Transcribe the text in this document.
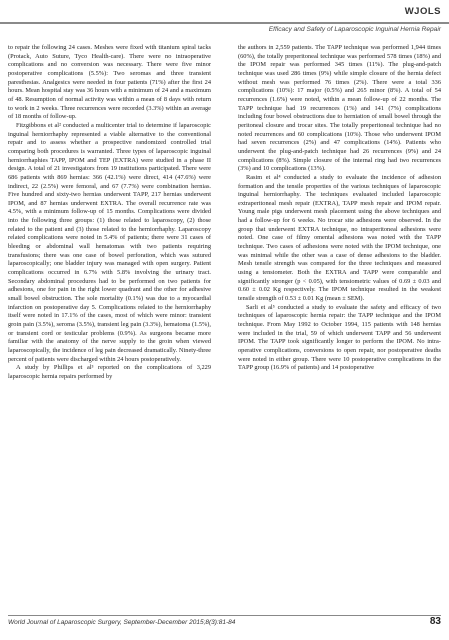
WJOLS
Efficacy and Safety of Laparoscopic Inguinal Hernia Repair

to repair the following 24 cases. Meshes were fixed with titanium spiral tacks (Protack, Auto Suture, Tyco Health-care). There were no intraoperative complications and no conversion was necessary. There were five minor postoperative complications (5.5%): Two seromas and three transient paresthesias. Analgesics were needed in four patients (71%) after the first 24 hours. Mean hospital stay was 36 hours with a minimum of 24 and a maximum of 48. Resumption of normal activity was within a mean of 8 days with return to work in 2 weeks. Three recurrences were recorded (3.3%) within an average of 18 months of follow-up.

Fitzgibbons et al² conducted a multicenter trial to determine if laparoscopic inguinal herniorrhaphy represented a viable alternative to the conventional repair and to assess whether a prospective randomized controlled trial comparing both procedures is warranted. Three types of laparoscopic inguinal herniorrhaphies TAPP, IPOM and TEP (EXTRA) were studied in a phase II design. A total of 21 investigators from 19 institutions participated. There were 686 patients with 869 hernias: 366 (42.1%) were direct, 414 (47.6%) were indirect, 22 (2.5%) were femoral, and 67 (7.7%) were combination hernias. Five hundred and sixty-two hernias underwent TAPP, 217 hernias underwent IPOM, and 87 hernias underwent EXTRA. The overall recurrence rate was 4.5%, with a minimum follow-up of 15 months. Complications were divided into the following three groups: (1) those related to laparoscopy, (2) those related to the patient and (3) those related to the herniorrhaphy. Laparoscopy related complications were noted in 5.4% of patients; there were 31 cases of bleeding or abdominal wall hematomas with two patients requiring transfusions; there was one case of bowel perforation, which was sutured laparoscopically; one bladder injury was managed with open surgery. Patient complications occurred in 6.7% with 5.8% involving the urinary tract. Secondary abdominal procedures had to be performed on two patients for adhesions, one for pain in the right lower quadrant and the other for adhesive small bowel obstruction. The sole mortality (0.1%) was due to a myocardial infarction on postoperative day 5. Complications related to the herniorrhaphy itself were noted in 17.1% of the cases, most of which were minor: transient groin pain (3.5%), seroma (3.5%), transient leg pain (3.3%), hematoma (1.5%), or transient cord or testicular problems (0.9%). As surgeons became more familiar with the anatomy of the nerve supply to the groin when viewed laparoscopically, the incidence of leg pain decreased dramatically. Ninety-three percent of patients were discharged within 24 hours postoperatively.

A study by Phillips et al³ reported on the complications of 3,229 laparoscopic hernia repairs performed by

the authors in 2,559 patients. The TAPP technique was performed 1,944 times (60%), the totally preperitoneal technique was performed 578 times (18%) and the IPOM repair was performed 345 times (11%). The plug-and-patch technique was used 286 times (9%) while simple closure of the hernia defect without mesh was performed 76 times (2%). There were a total 336 complications (10%): 17 major (0.5%) and 265 minor (8%). A total of 54 recurrences (1.6%) were noted, within a mean follow-up of 22 months. The TAPP technique had 19 recurrences (1%) and 141 (7%) complications including four bowel obstructions due to herniation of small bowel through the peritoneal closure and trocar sites. The totally preperitoneal technique had no noted recurrences and 60 complications (10%). Those who underwent IPOM had seven recurrences (2%) and 47 complications (14%). Patients who underwent the plug-and-patch technique had 26 recurrences (9%) and 24 complications (8%). Simple closure of the internal ring had two recurrences (3%) and 10 complications (13%).

Rasim et al⁴ conducted a study to evaluate the incidence of adhesion formation and the tensile properties of the various techniques of laparoscopic inguinal herniorrhaphy. The techniques evaluated included laparoscopic extraperitoneal mesh repair (EXTRA), TAPP mesh repair and IPOM repair. Young male pigs underwent mesh placement using the above techniques and had a follow-up for 6 weeks. No trocar site adhesions were observed. In the group that underwent EXTRA technique, no intraperitoneal adhesions were noted. One case of filmy omental adhesions was noted with the TAPP technique. Two cases of adhesions were noted with the IPOM technique, one was minimal while the other was a case of dense adhesions to the bladder. Mesh tensile strength was compared for the three techniques and measured using a tensiometer. Both the EXTRA and TAPP were comparable and significantly stronger (p < 0.05), with tensiometric values of 0.69 ± 0.03 and 0.60 ± 0.02 Kg respectively. The IPOM technique resulted in the weakest tensile strength of 0.53 ± 0.01 Kg (mean ± SEM).

Sarli et al⁵ conducted a study to evaluate the safety and efficacy of two techniques of laparoscopic hernia repair: the TAPP technique and the IPOM technique. From May 1992 to October 1994, 115 patients with 148 hernias were included in the trial, 59 of which underwent TAPP and 56 underwent IPOM. The TAPP took significantly longer to perform the IPOM. No intra-operative complications, conversions to open repair, nor postoperative deaths were noted in either group. There were 10 postoperative complications in the TAPP group (16.9% of patients) and 14 postoperative

World Journal of Laparoscopic Surgery, September-December 2015;8(3):81-84	83
